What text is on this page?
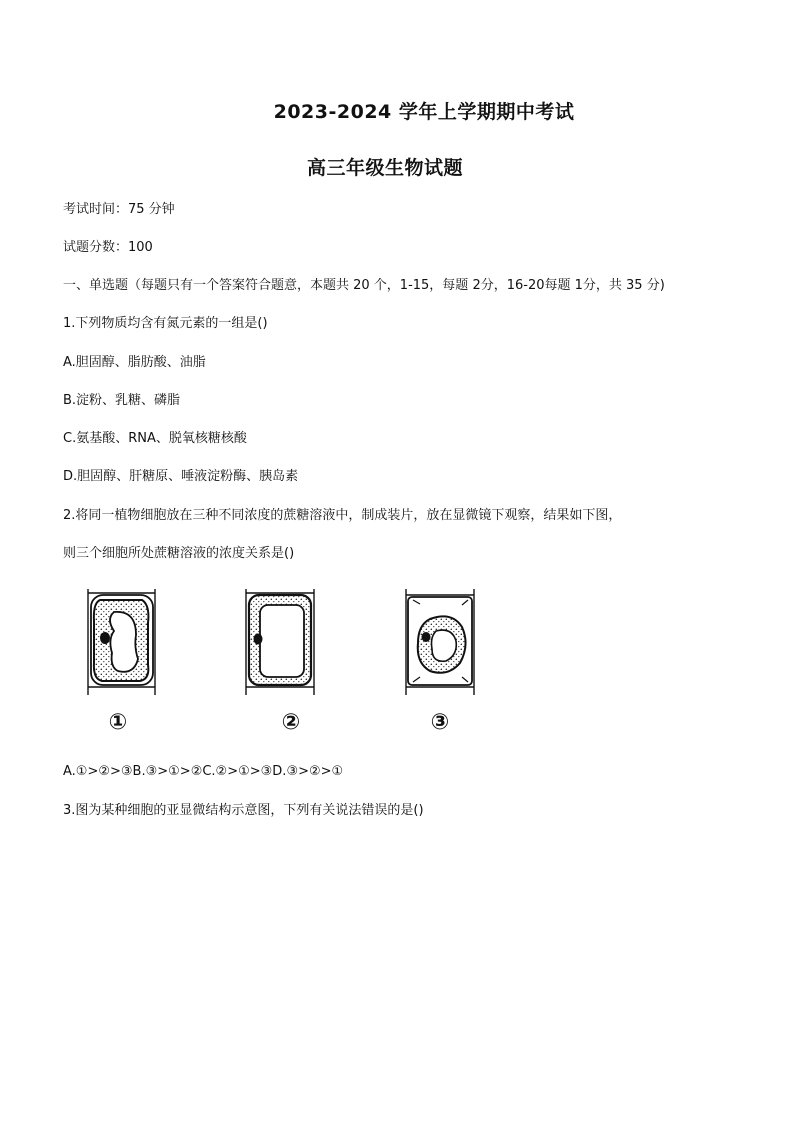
2023-2024 学年上学期期中考试
高三年级生物试题
考试时间：75 分钟
试题分数：100
一、单选题（每题只有一个答案符合题意，本题共 20 个，1-15，每题 2分，16-20每题 1分，共 35 分)
1.下列物质均含有氮元素的一组是()
A.胆固醇、脂肪酸、油脂
B.淀粉、乳糖、磷脂
C.氨基酸、RNA、脱氧核糖核酸
D.胆固醇、肝糖原、唾液淀粉酶、胰岛素
2.将同一植物细胞放在三种不同浓度的蔗糖溶液中，制成装片，放在显微镜下观察，结果如下图，
则三个细胞所处蔗糖溶液的浓度关系是()
①	②	③
A.①>②>③B.③>①>②C.②>①>③D.③>②>①
3.图为某种细胞的亚显微结构示意图，下列有关说法错误的是()
